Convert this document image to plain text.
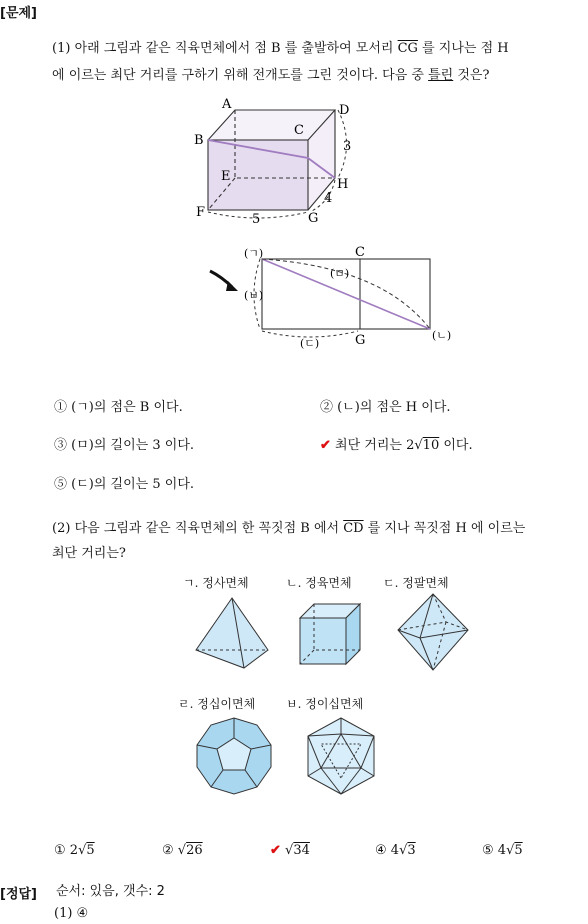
[문제]
(1) 아래 그림과 같은 직육면체에서 점 B 를 출발하여 모서리 $\overline{CG}$ 를 지나는 점 H
에 이르는 최단 거리를 구하기 위해 전개도를 그린 것이다. 다음 중 틀린 것은?
A	D
B
C
E
H
F	G
3
4
5
(ㄱ)
(ㄴ)
(ㄷ)
(ㅁ)
(ㅂ)
C
G
① (ㄱ)의 점은 B 이다.	② (ㄴ)의 점은 H 이다.
③ (ㅁ)의 길이는 3 이다.	✔ 최단 거리는 2√10 이다.
⑤ (ㄷ)의 길이는 5 이다.
(2) 다음 그림과 같은 직육면체의 한 꼭짓점 B 에서 $\overline{CD}$ 를 지나 꼭짓점 H 에 이르는
최단 거리는?
ㄱ. 정사면체	ㄴ. 정육면체	ㄷ. 정팔면체
ㄹ. 정십이면체	ㅂ. 정이십면체
① 2√5	② √26	✔ √34	④ 4√3	⑤ 4√5
[정답] 순서: 있음, 갯수: 2
(1) ④
